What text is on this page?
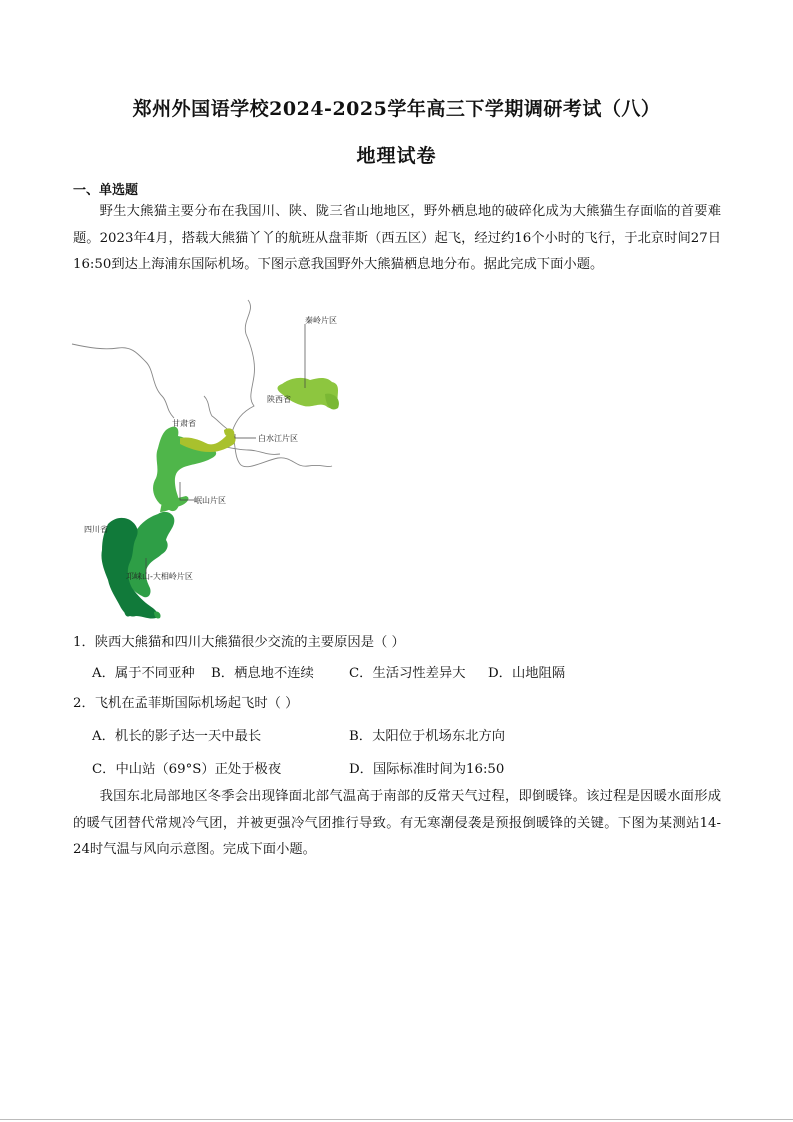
郑州外国语学校2024-2025学年高三下学期调研考试（八）
地理试卷
一、单选题
野生大熊猫主要分布在我国川、陕、陇三省山地地区，野外栖息地的破碎化成为大熊猫生存面临的首要难题。2023年4月，搭载大熊猫丫丫的航班从盘菲斯（西五区）起飞，经过约16个小时的飞行，于北京时间27日16:50到达上海浦东国际机场。下图示意我国野外大熊猫栖息地分布。据此完成下面小题。
秦岭片区
陕西省
甘肃省
白水江片区
岷山片区
四川省
邛崃山-大相岭片区
1．陕西大熊猫和四川大熊猫很少交流的主要原因是（ ）
A．属于不同亚种 B．栖息地不连续	C．生活习性差异大 D．山地阻隔
2．飞机在孟菲斯国际机场起飞时（ ）
A．机长的影子达一天中最长	B．太阳位于机场东北方向
C．中山站（69°S）正处于极夜	D．国际标准时间为16:50
我国东北局部地区冬季会出现锋面北部气温高于南部的反常天气过程，即倒暖锋。该过程是因暖水面形成的暖气团替代常规冷气团，并被更强冷气团推行导致。有无寒潮侵袭是预报倒暖锋的关键。下图为某测站14-24时气温与风向示意图。完成下面小题。
